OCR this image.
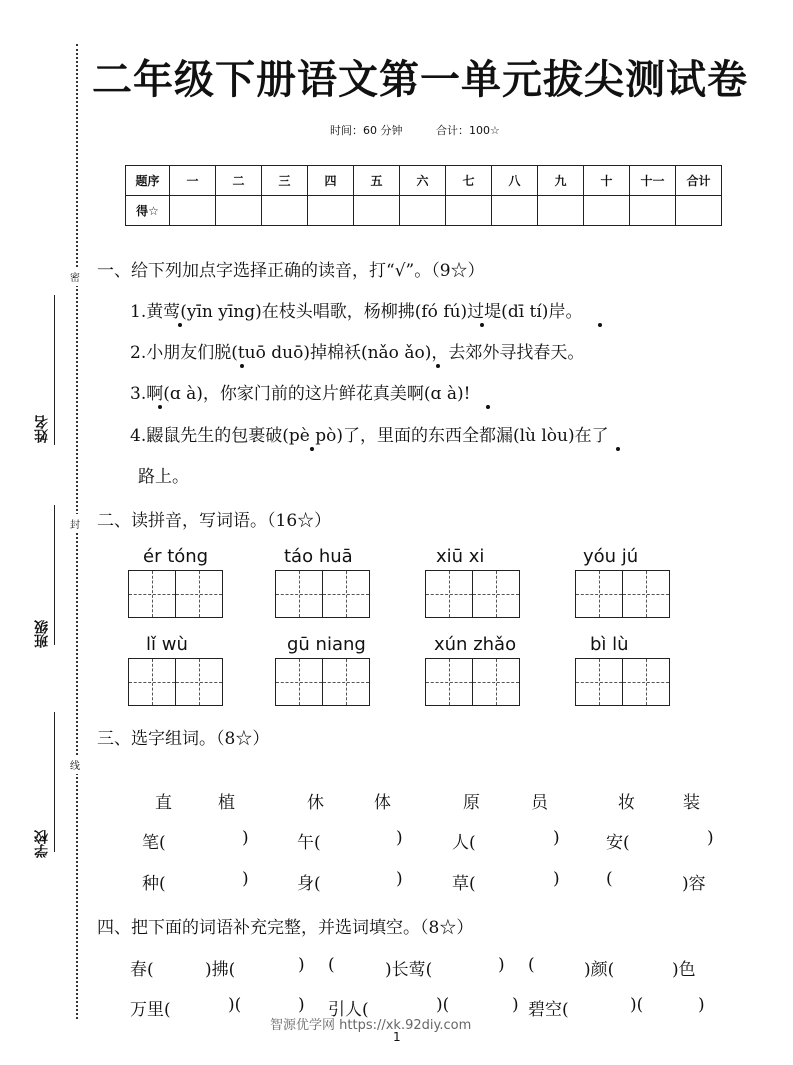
密
封
线
姓名
班级
学校
二年级下册语文第一单元拔尖测试卷
时间：60 分钟	合计：100☆
题序	一	二	三	四	五	六	七	八	九	十	十一	合计
得☆												
一、给下列加点字选择正确的读音，打“√”。（9☆）
1.黄莺(yīn yīng)在枝头唱歌，杨柳拂(fó fú)过堤(dī tí)岸。
2.小朋友们脱(tuō duō)掉棉袄(nǎo ǎo)，去郊外寻找春天。
3.啊(ɑ à)，你家门前的这片鲜花真美啊(ɑ à)!
4.鼹鼠先生的包裹破(pè pò)了，里面的东西全都漏(lù lòu)在了
路上。
二、读拼音，写词语。（16☆）
ér tóng	táo huā	xiū xi	yóu jú
lǐ wù	gū niang	xún zhǎo	bì lù
三、选字组词。（8☆）
直	植	休	体	原	员	妆	装
笔(	)	午(	)	人(	)	安(	)
种(	)	身(	)	草(	)	(	)容
四、把下面的词语补充完整，并选词填空。（8☆）
春(	)拂(	) (	)长莺(	) (	)颜(	)色
万里(	)(	) 引人(	)(	) 碧空(	)(	)
智源优学网 https://xk.92diy.com
1
